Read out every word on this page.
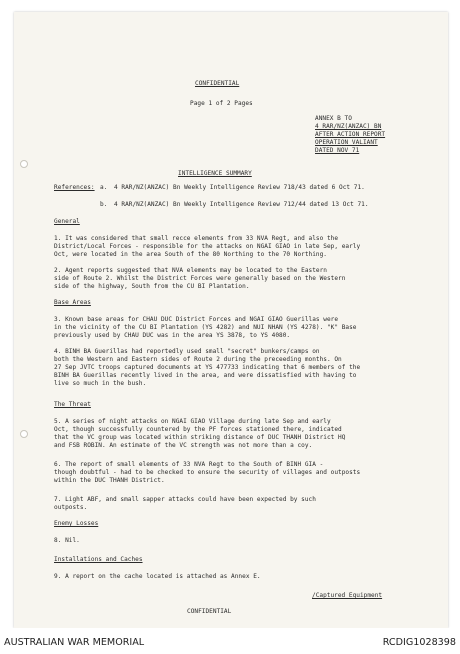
CONFIDENTIAL
Page 1 of 2 Pages
ANNEX B TO
4 RAR/NZ(ANZAC) BN
AFTER ACTION REPORT
OPERATION VALIANT
DATED NOV 71
INTELLIGENCE SUMMARY
References: a. 4 RAR/NZ(ANZAC) Bn Weekly Intelligence Review 718/43 dated 6 Oct 71.
b. 4 RAR/NZ(ANZAC) Bn Weekly Intelligence Review 712/44 dated 13 Oct 71.
General
1. It was considered that small recce elements from 33 NVA Regt, and also the
District/Local Forces - responsible for the attacks on NGAI GIAO in late Sep, early
Oct, were located in the area South of the 80 Northing to the 70 Northing.
2. Agent reports suggested that NVA elements may be located to the Eastern
side of Route 2. Whilst the District Forces were generally based on the Western
side of the highway, South from the CU BI Plantation.
Base Areas
3. Known base areas for CHAU DUC District Forces and NGAI GIAO Guerillas were
in the vicinity of the CU BI Plantation (YS 4282) and NUI NHAN (YS 4278). "K" Base
previously used by CHAU DUC was in the area YS 3878, to YS 4080.
4. BINH BA Guerillas had reportedly used small "secret" bunkers/camps on
both the Western and Eastern sides of Route 2 during the preceeding months. On
27 Sep JVTC troops captured documents at YS 477733 indicating that 6 members of the
BINH BA Guerillas recently lived in the area, and were dissatisfied with having to
live so much in the bush.
The Threat
5. A series of night attacks on NGAI GIAO Village during late Sep and early
Oct, though successfully countered by the PF forces stationed there, indicated
that the VC group was located within striking distance of DUC THANH District HQ
and FSB ROBIN. An estimate of the VC strength was not more than a coy.
6. The report of small elements of 33 NVA Regt to the South of BINH GIA -
though doubtful - had to be checked to ensure the security of villages and outposts
within the DUC THANH District.
7. Light ABF, and small sapper attacks could have been expected by such
outposts.
Enemy Losses
8. Nil.
Installations and Caches
9. A report on the cache located is attached as Annex E.
/Captured Equipment
CONFIDENTIAL
AUSTRALIAN WAR MEMORIAL	RCDIG1028398
